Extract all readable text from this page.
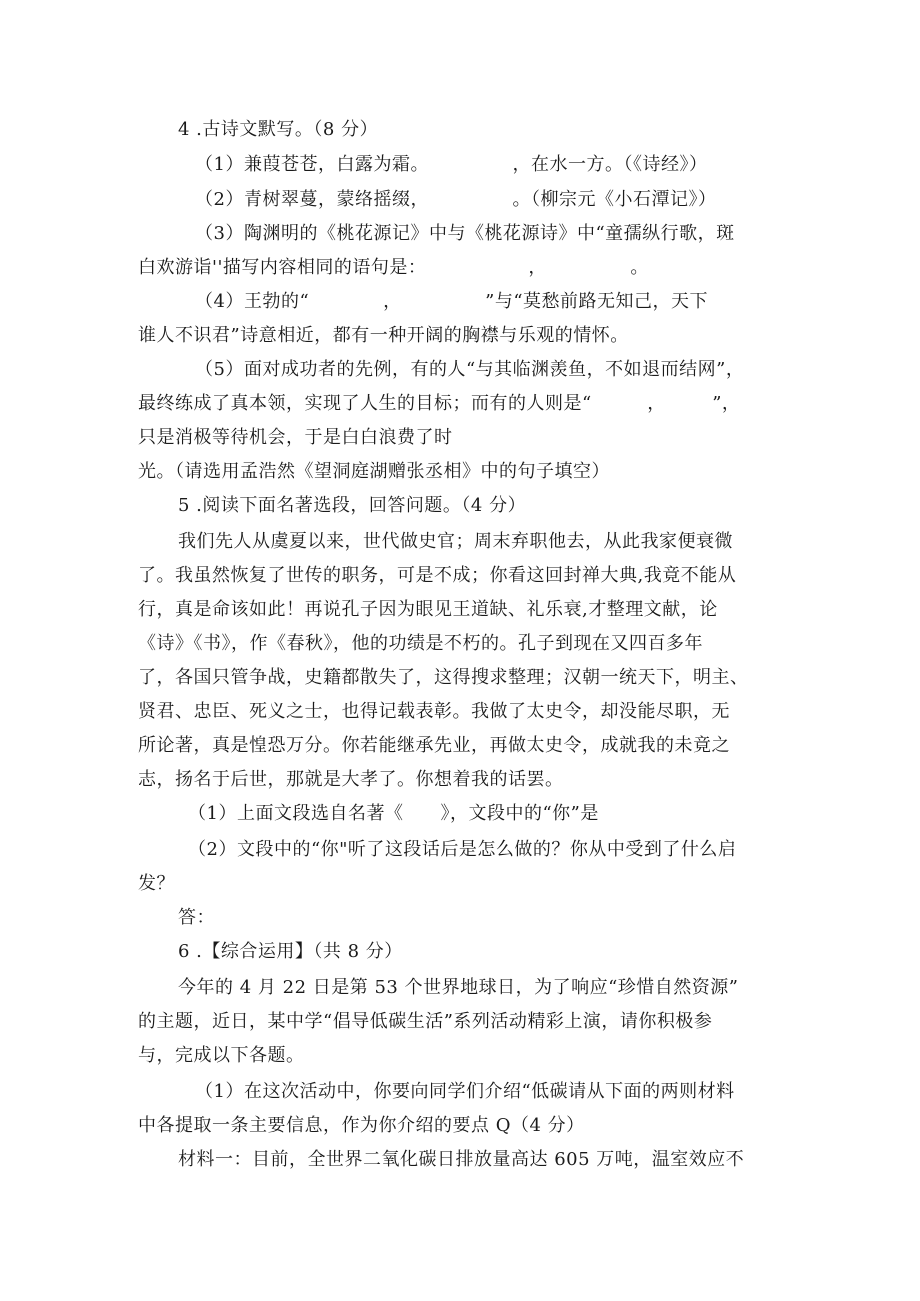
4 .古诗文默写。（8 分）
（1）兼葭苍苍，白露为霜。　　　　　，在水一方。（《诗经》）
（2）青树翠蔓，蒙络摇缀，　　　　　。（柳宗元《小石潭记》）
（3）陶渊明的《桃花源记》中与《桃花源诗》中“童孺纵行歌，斑
白欢游诣''描写内容相同的语句是：　　　　　　，　　　　　。
（4）王勃的“　　　　，　　　　　”与“莫愁前路无知己，天下
谁人不识君”诗意相近，都有一种开阔的胸襟与乐观的情怀。
（5）面对成功者的先例，有的人“与其临渊羡鱼，不如退而结网”，
最终练成了真本领，实现了人生的目标；而有的人则是“　　　，　　　”，
只是消极等待机会，于是白白浪费了时
光。（请选用孟浩然《望洞庭湖赠张丞相》中的句子填空）
5 .阅读下面名著选段，回答问题。（4 分）
我们先人从虞夏以来，世代做史官；周末弃职他去，从此我家便衰微
了。我虽然恢复了世传的职务，可是不成；你看这回封禅大典,我竟不能从
行，真是命该如此！再说孔子因为眼见王道缺、礼乐衰,才整理文献，论
《诗》《书》，作《春秋》，他的功绩是不朽的。孔子到现在又四百多年
了，各国只管争战，史籍都散失了，这得搜求整理；汉朝一统天下，明主、
贤君、忠臣、死义之士，也得记载表彰。我做了太史令，却没能尽职，无
所论著，真是惶恐万分。你若能继承先业，再做太史令，成就我的未竟之
志，扬名于后世，那就是大孝了。你想着我的话罢。
（1）上面文段选自名著《　　》，文段中的“你”是
（2）文段中的“你"听了这段话后是怎么做的？你从中受到了什么启
发？
答：
6 .【综合运用】（共 8 分）
今年的 4 月 22 日是第 53 个世界地球日，为了响应“珍惜自然资源”
的主题，近日，某中学“倡导低碳生活”系列活动精彩上演，请你积极参
与，完成以下各题。
（1）在这次活动中，你要向同学们介绍“低碳请从下面的两则材料
中各提取一条主要信息，作为你介绍的要点 Q（4 分）
材料一：目前，全世界二氧化碳日排放量高达 605 万吨，温室效应不
